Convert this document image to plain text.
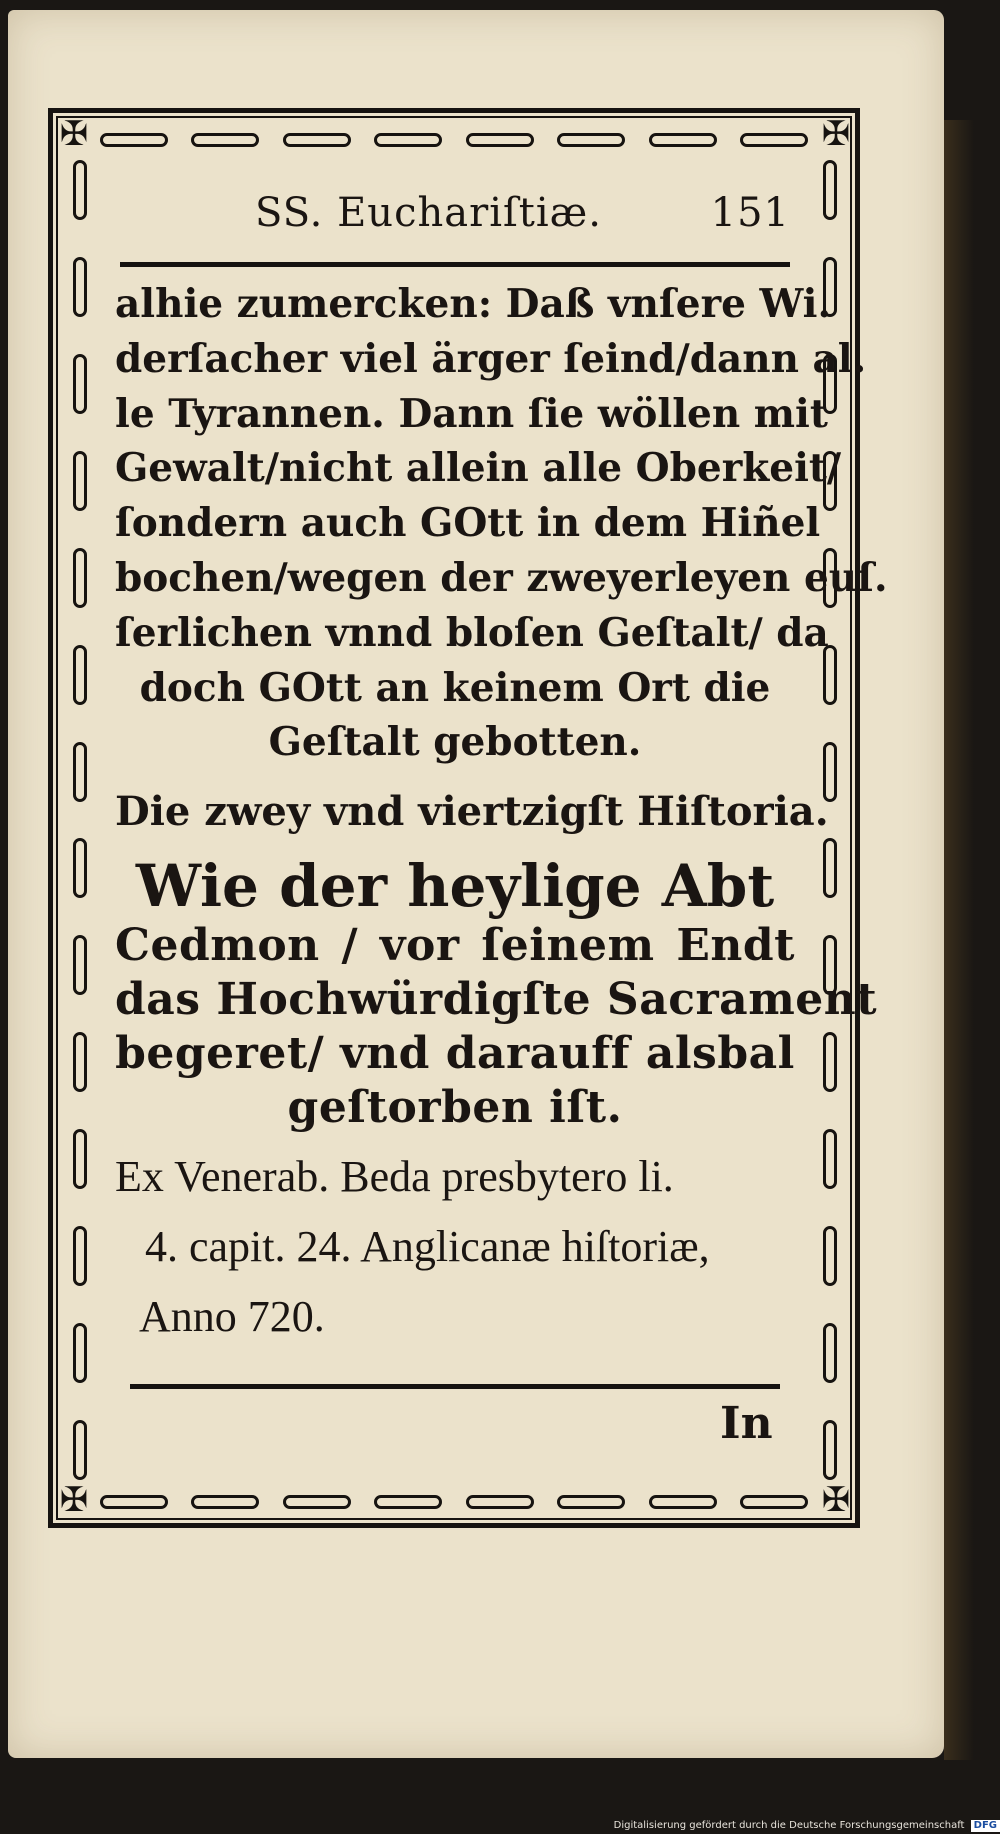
✠	✠
✠	✠
SS. Euchariſtiæ.	151
alhie zumercken: Daß vnſere Wi.
derſacher viel ärger ſeind/dann al.
le Tyrannen. Dann ſie wöllen mit
Gewalt/nicht allein alle Oberkeit/
ſondern auch GOtt in dem Hiñel
bochen/wegen der zweyerleyen euſ.
ſerlichen vnnd bloſen Geſtalt/ da
doch GOtt an keinem Ort die
Geſtalt gebotten.
Die zwey vnd viertzigſt Hiſtoria.
Wie der heylige Abt
Cedmon / vor ſeinem Endt
das Hochwürdigſte Sacrament
begeret/ vnd darauff alsbal
geſtorben iſt.
Ex Venerab. Beda presbytero li.
4. capit. 24. Anglicanæ hiſtoriæ,
Anno 720.
In
Digitalisierung gefördert durch die Deutsche Forschungsgemeinschaft DFG
